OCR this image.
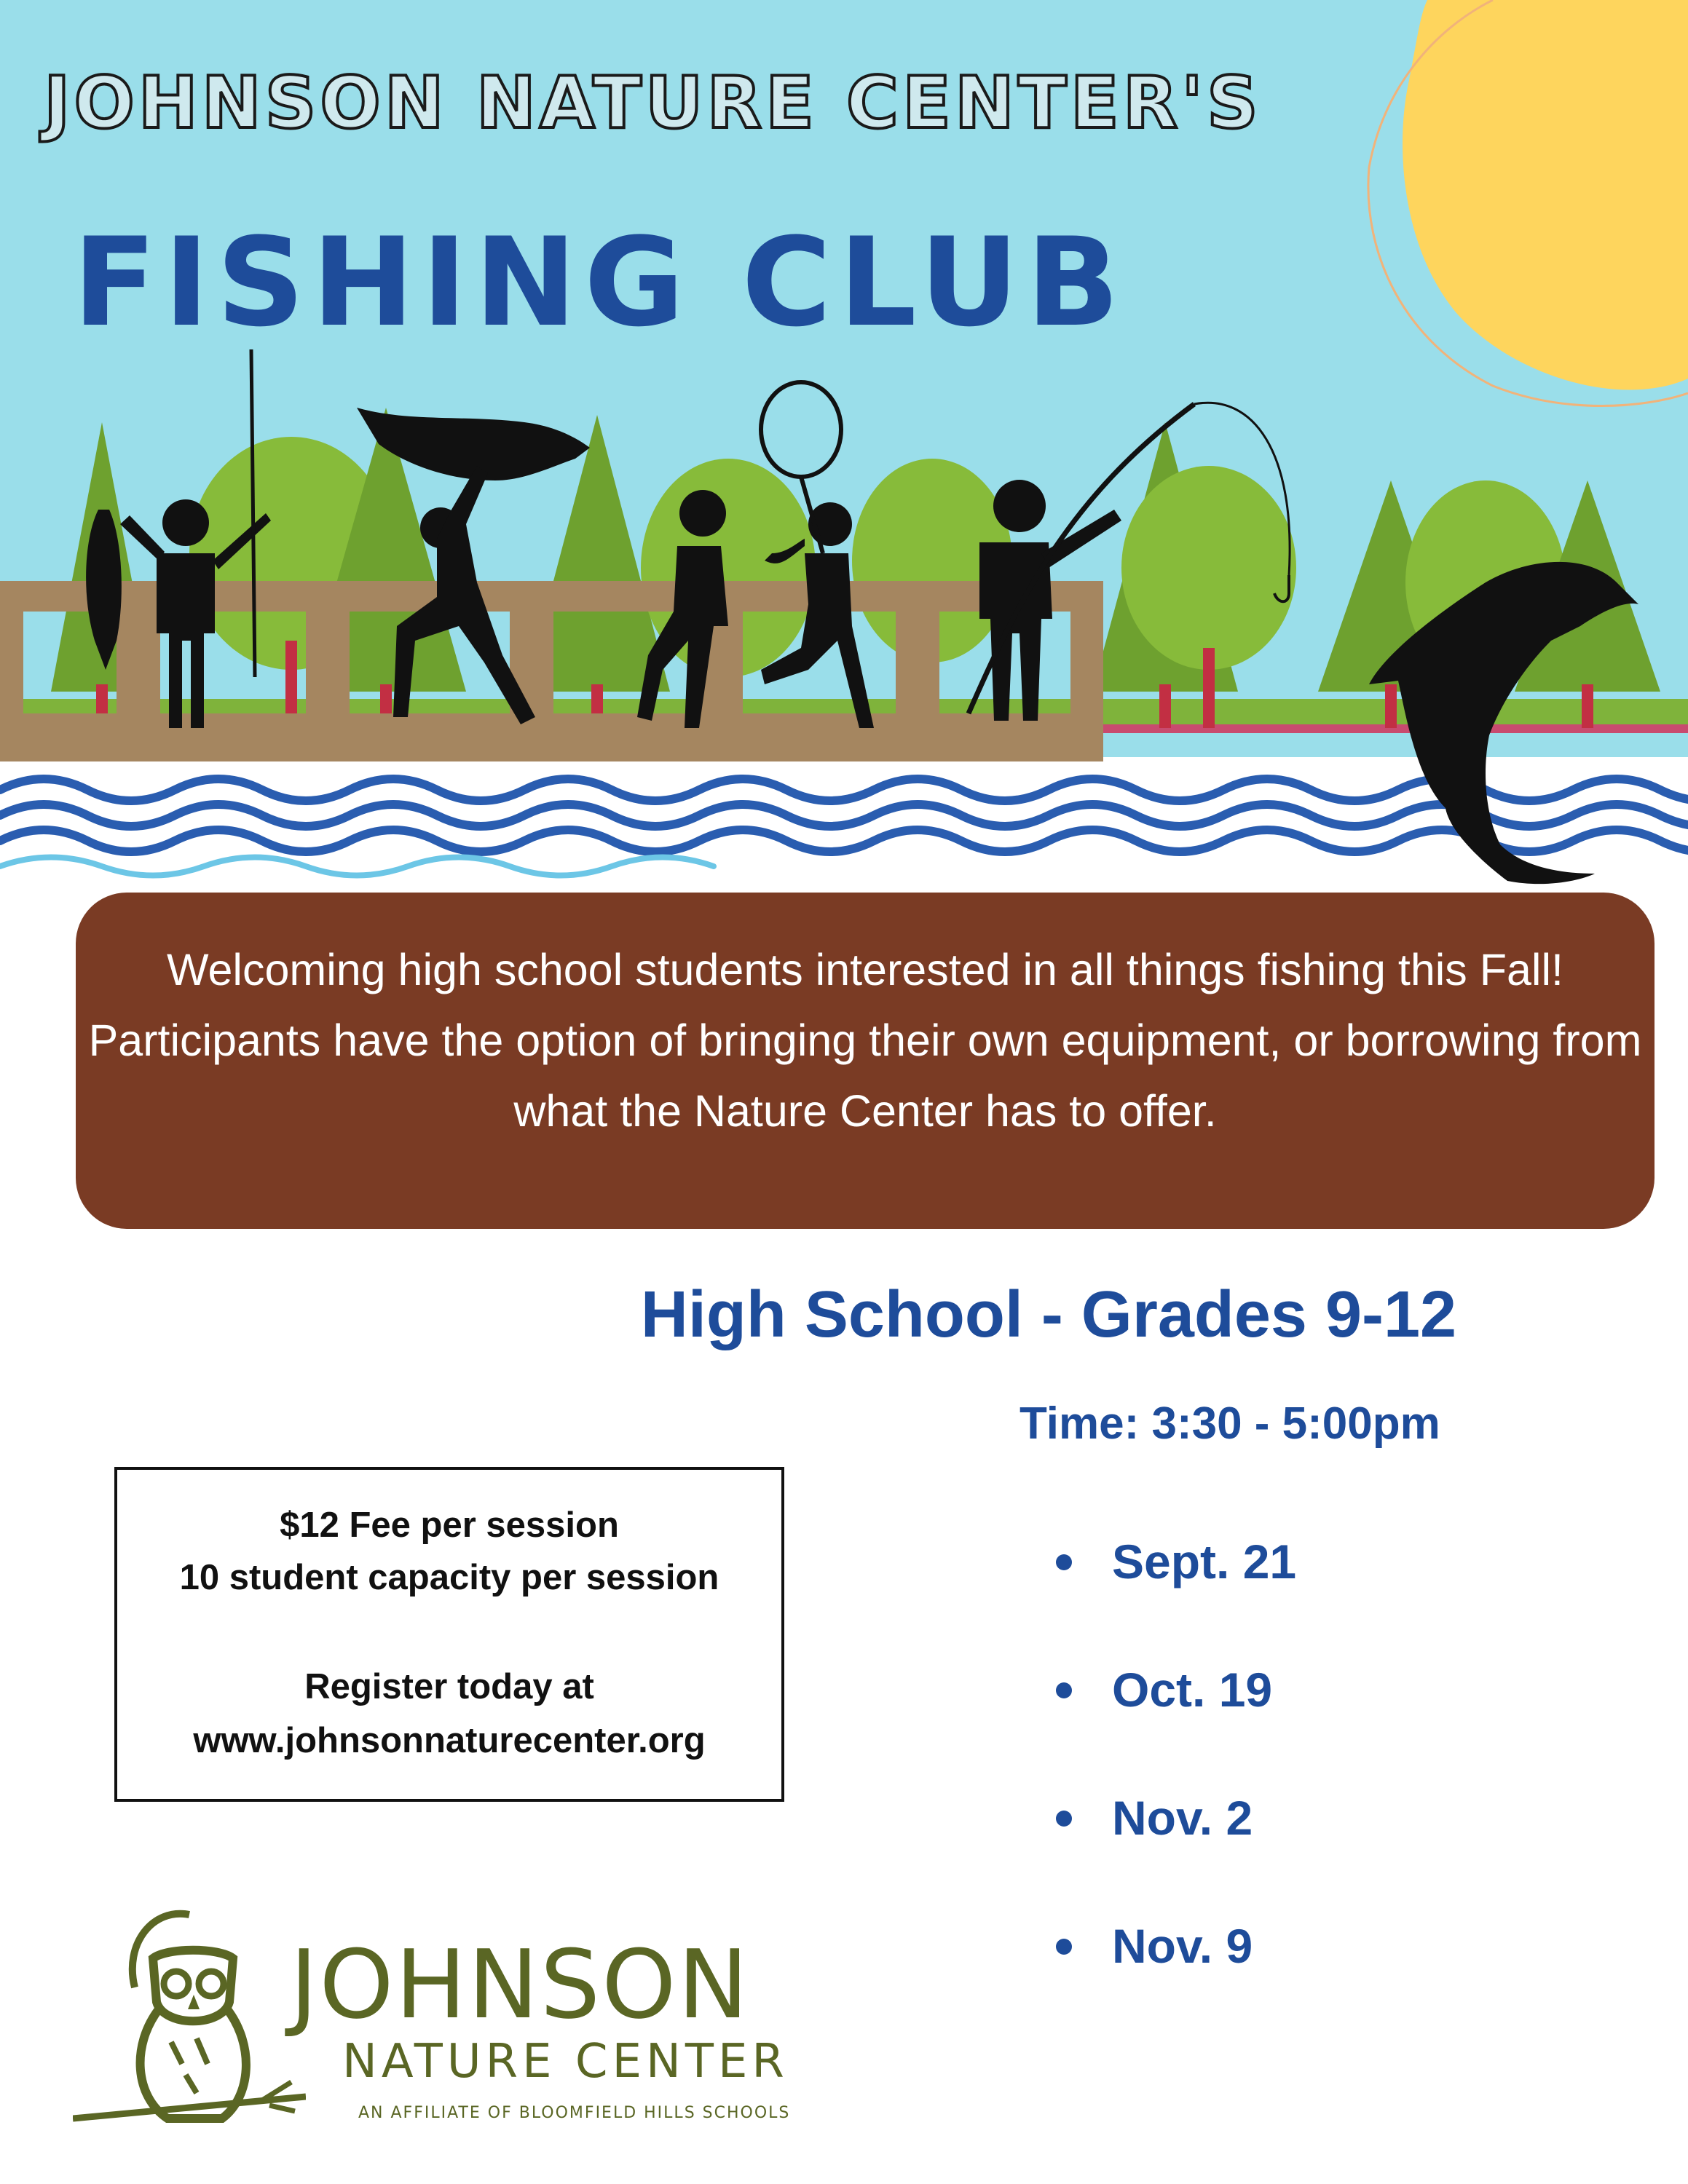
JOHNSON NATURE CENTER'S
FISHING CLUB
Welcoming high school students interested in all things fishing this Fall! Participants have the option of bringing their own equipment, or borrowing from what the Nature Center has to offer.
High School - Grades 9-12
Time: 3:30 - 5:00pm
$12 Fee per session
10 student capacity per session
Register today at
www.johnsonnaturecenter.org
Sept. 21
Oct. 19
Nov. 2
Nov. 9
JOHNSON
NATURE CENTER
AN AFFILIATE OF BLOOMFIELD HILLS SCHOOLS
